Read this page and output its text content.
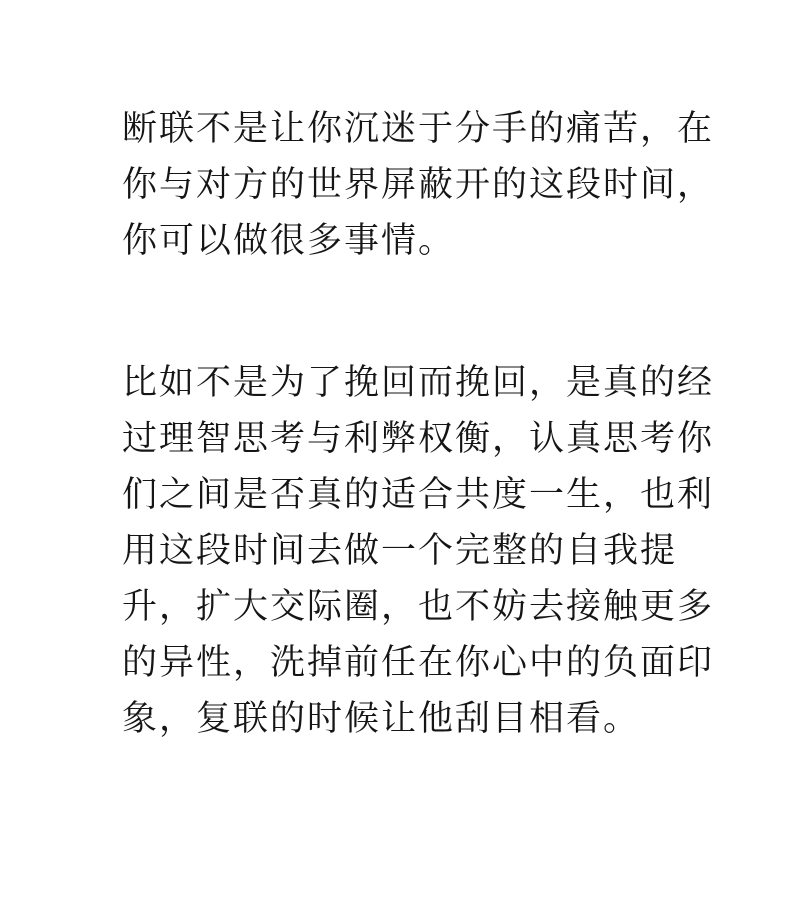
断联不是让你沉迷于分手的痛苦，在
你与对方的世界屏蔽开的这段时间，
你可以做很多事情。
比如不是为了挽回而挽回，是真的经
过理智思考与利弊权衡，认真思考你
们之间是否真的适合共度一生，也利
用这段时间去做一个完整的自我提
升，扩大交际圈，也不妨去接触更多
的异性，洗掉前任在你心中的负面印
象，复联的时候让他刮目相看。
